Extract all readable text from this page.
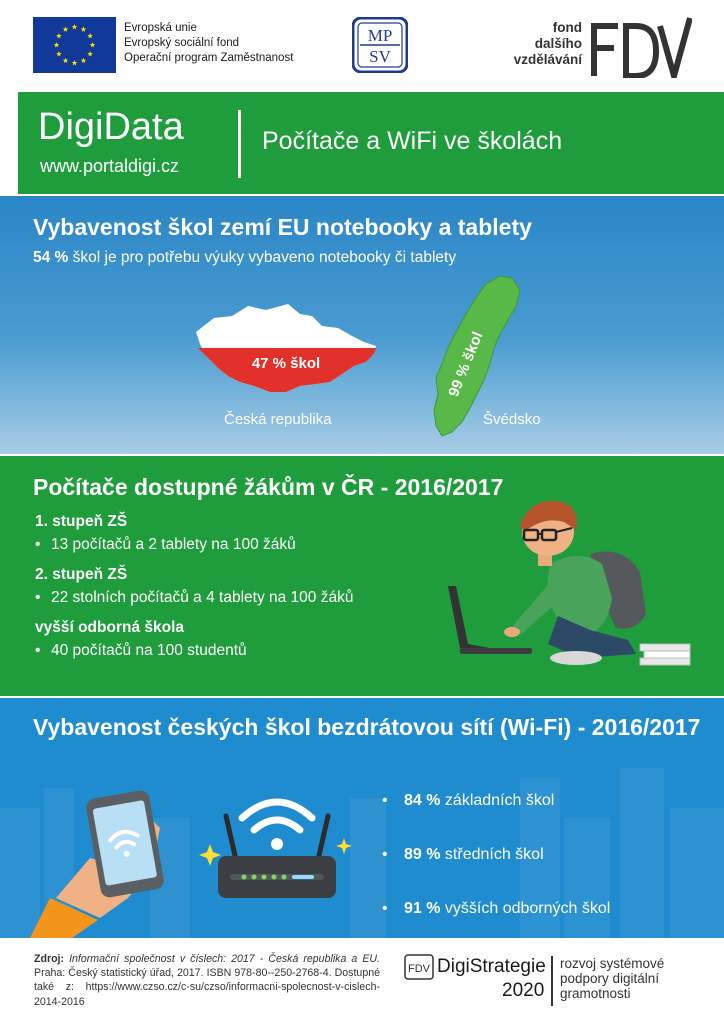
Evropská unie
Evropský sociální fond
Operační program Zaměstnanost
MP
SV
fond
dalšího
vzdělávání
DigiData
www.portaldigi.cz
Počítače a WiFi ve školách
Vybavenost škol zemí EU notebooky a tablety
54 % škol je pro potřebu výuky vybaveno notebooky či tablety
47 % škol	99 % škol
Česká republika	Švédsko
Počítače dostupné žákům v ČR - 2016/2017
1. stupeň ZŠ
• 13 počítačů a 2 tablety na 100 žáků
2. stupeň ZŠ
• 22 stolních počítačů a 4 tablety na 100 žáků
vyšší odborná škola
• 40 počítačů na 100 studentů
Vybavenost českých škol bezdrátovou sítí (Wi-Fi) - 2016/2017
• 84 % základních škol
• 89 % středních škol
• 91 % vyšších odborných škol
Zdroj: Informační společnost v číslech: 2017 - Česká republika a EU. Praha: Český statistický úřad, 2017. ISBN 978-80--250-2768-4. Dostupné také z: https://www.czso.cz/c-su/czso/informacni-spolecnost-v-cislech-2014-2016
FDV DigiStrategie
2020
rozvoj systémové
podpory digitální
gramotnosti
